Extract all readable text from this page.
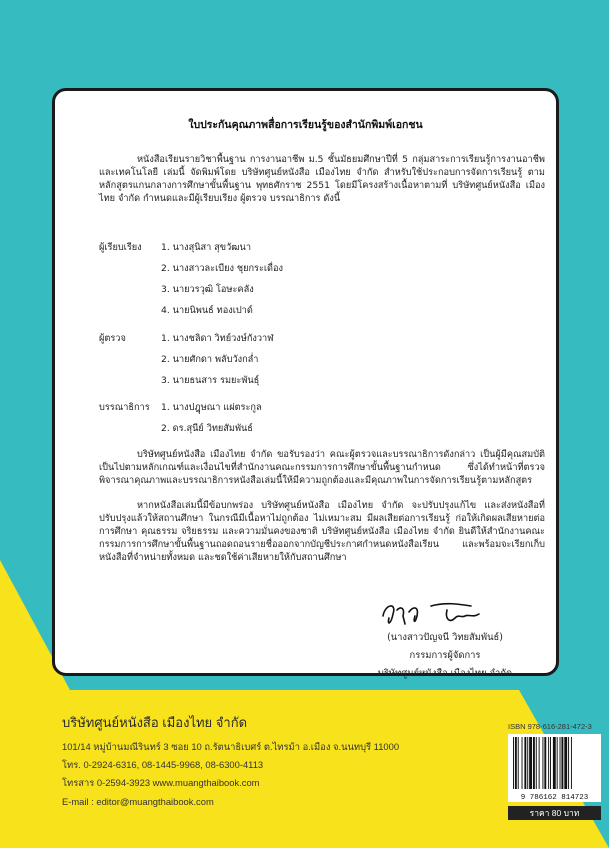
ใบประกันคุณภาพสื่อการเรียนรู้ของสำนักพิมพ์เอกชน
หนังสือเรียนรายวิชาพื้นฐาน การงานอาชีพ ม.5 ชั้นมัธยมศึกษาปีที่ 5 กลุ่มสาระการเรียนรู้การงานอาชีพและเทคโนโลยี เล่มนี้ จัดพิมพ์โดย บริษัทศูนย์หนังสือ เมืองไทย จำกัด สำหรับใช้ประกอบการจัดการเรียนรู้ ตามหลักสูตรแกนกลางการศึกษาขั้นพื้นฐาน พุทธศักราช 2551 โดยมีโครงสร้างเนื้อหาตามที่ บริษัทศูนย์หนังสือ เมืองไทย จำกัด กำหนดและมีผู้เรียบเรียง ผู้ตรวจ บรรณาธิการ ดังนี้
ผู้เรียบเรียง 1. นางสุนิสา สุขวัฒนา
2. นางสาวละเบียง ชุยกระเดื่อง
3. นายวรวุฒิ โอษะคลัง
4. นายนิพนธ์ ทองเปาด์
ผู้ตรวจ	1. นางชลิดา วิทย์วงษ์กังวาฬ
2. นายศักดา พลับวังกล่ำ
3. นายธนสาร รมยะพันธุ์
บรรณาธิการ 1. นางปฎุษณา แผ่ตระกูล
2. ดร.สุนีย์ วิทยสัมพันธ์
บริษัทศูนย์หนังสือ เมืองไทย จำกัด ขอรับรองว่า คณะผู้ตรวจและบรรณาธิการดังกล่าว เป็นผู้มีคุณสมบัติเป็นไปตามหลักเกณฑ์และเงื่อนไขที่สำนักงานคณะกรรมการการศึกษาขั้นพื้นฐานกำหนด ซึ่งได้ทำหน้าที่ตรวจพิจารณาคุณภาพและบรรณาธิการหนังสือเล่มนี้ให้มีความถูกต้องและมีคุณภาพในการจัดการเรียนรู้ตามหลักสูตร
หากหนังสือเล่มนี้มีข้อบกพร่อง บริษัทศูนย์หนังสือ เมืองไทย จำกัด จะปรับปรุงแก้ไข และส่งหนังสือที่ปรับปรุงแล้วให้สถานศึกษา ในกรณีมีเนื้อหาไม่ถูกต้อง ไม่เหมาะสม มีผลเสียต่อการเรียนรู้ ก่อให้เกิดผลเสียหายต่อการศึกษา คุณธรรม จริยธรรม และความมั่นคงของชาติ บริษัทศูนย์หนังสือ เมืองไทย จำกัด ยินดีให้สำนักงานคณะกรรมการการศึกษาขั้นพื้นฐานถอดถอนรายชื่อออกจากบัญชีประกาศกำหนดหนังสือเรียน และพร้อมจะเรียกเก็บหนังสือที่จำหน่ายทั้งหมด และชดใช้ค่าเสียหายให้กับสถานศึกษา
(นางสาวปัญจนี วิทยสัมพันธ์)
กรรมการผู้จัดการ
บริษัทศูนย์หนังสือ เมืองไทย จำกัด
บริษัทศูนย์หนังสือ เมืองไทย จำกัด
101/14 หมู่บ้านมณีรินทร์ 3 ซอย 10 ถ.รัตนาธิเบศร์ ต.ไทรม้า อ.เมือง จ.นนทบุรี 11000
โทร. 0-2924-6316, 08-1445-9968, 08-6300-4113
โทรสาร 0-2594-3923 www.muangthaibook.com
E-mail : editor@muangthaibook.com
ISBN 978-616-281-472-3
9 786162 814723
ราคา 80 บาท
